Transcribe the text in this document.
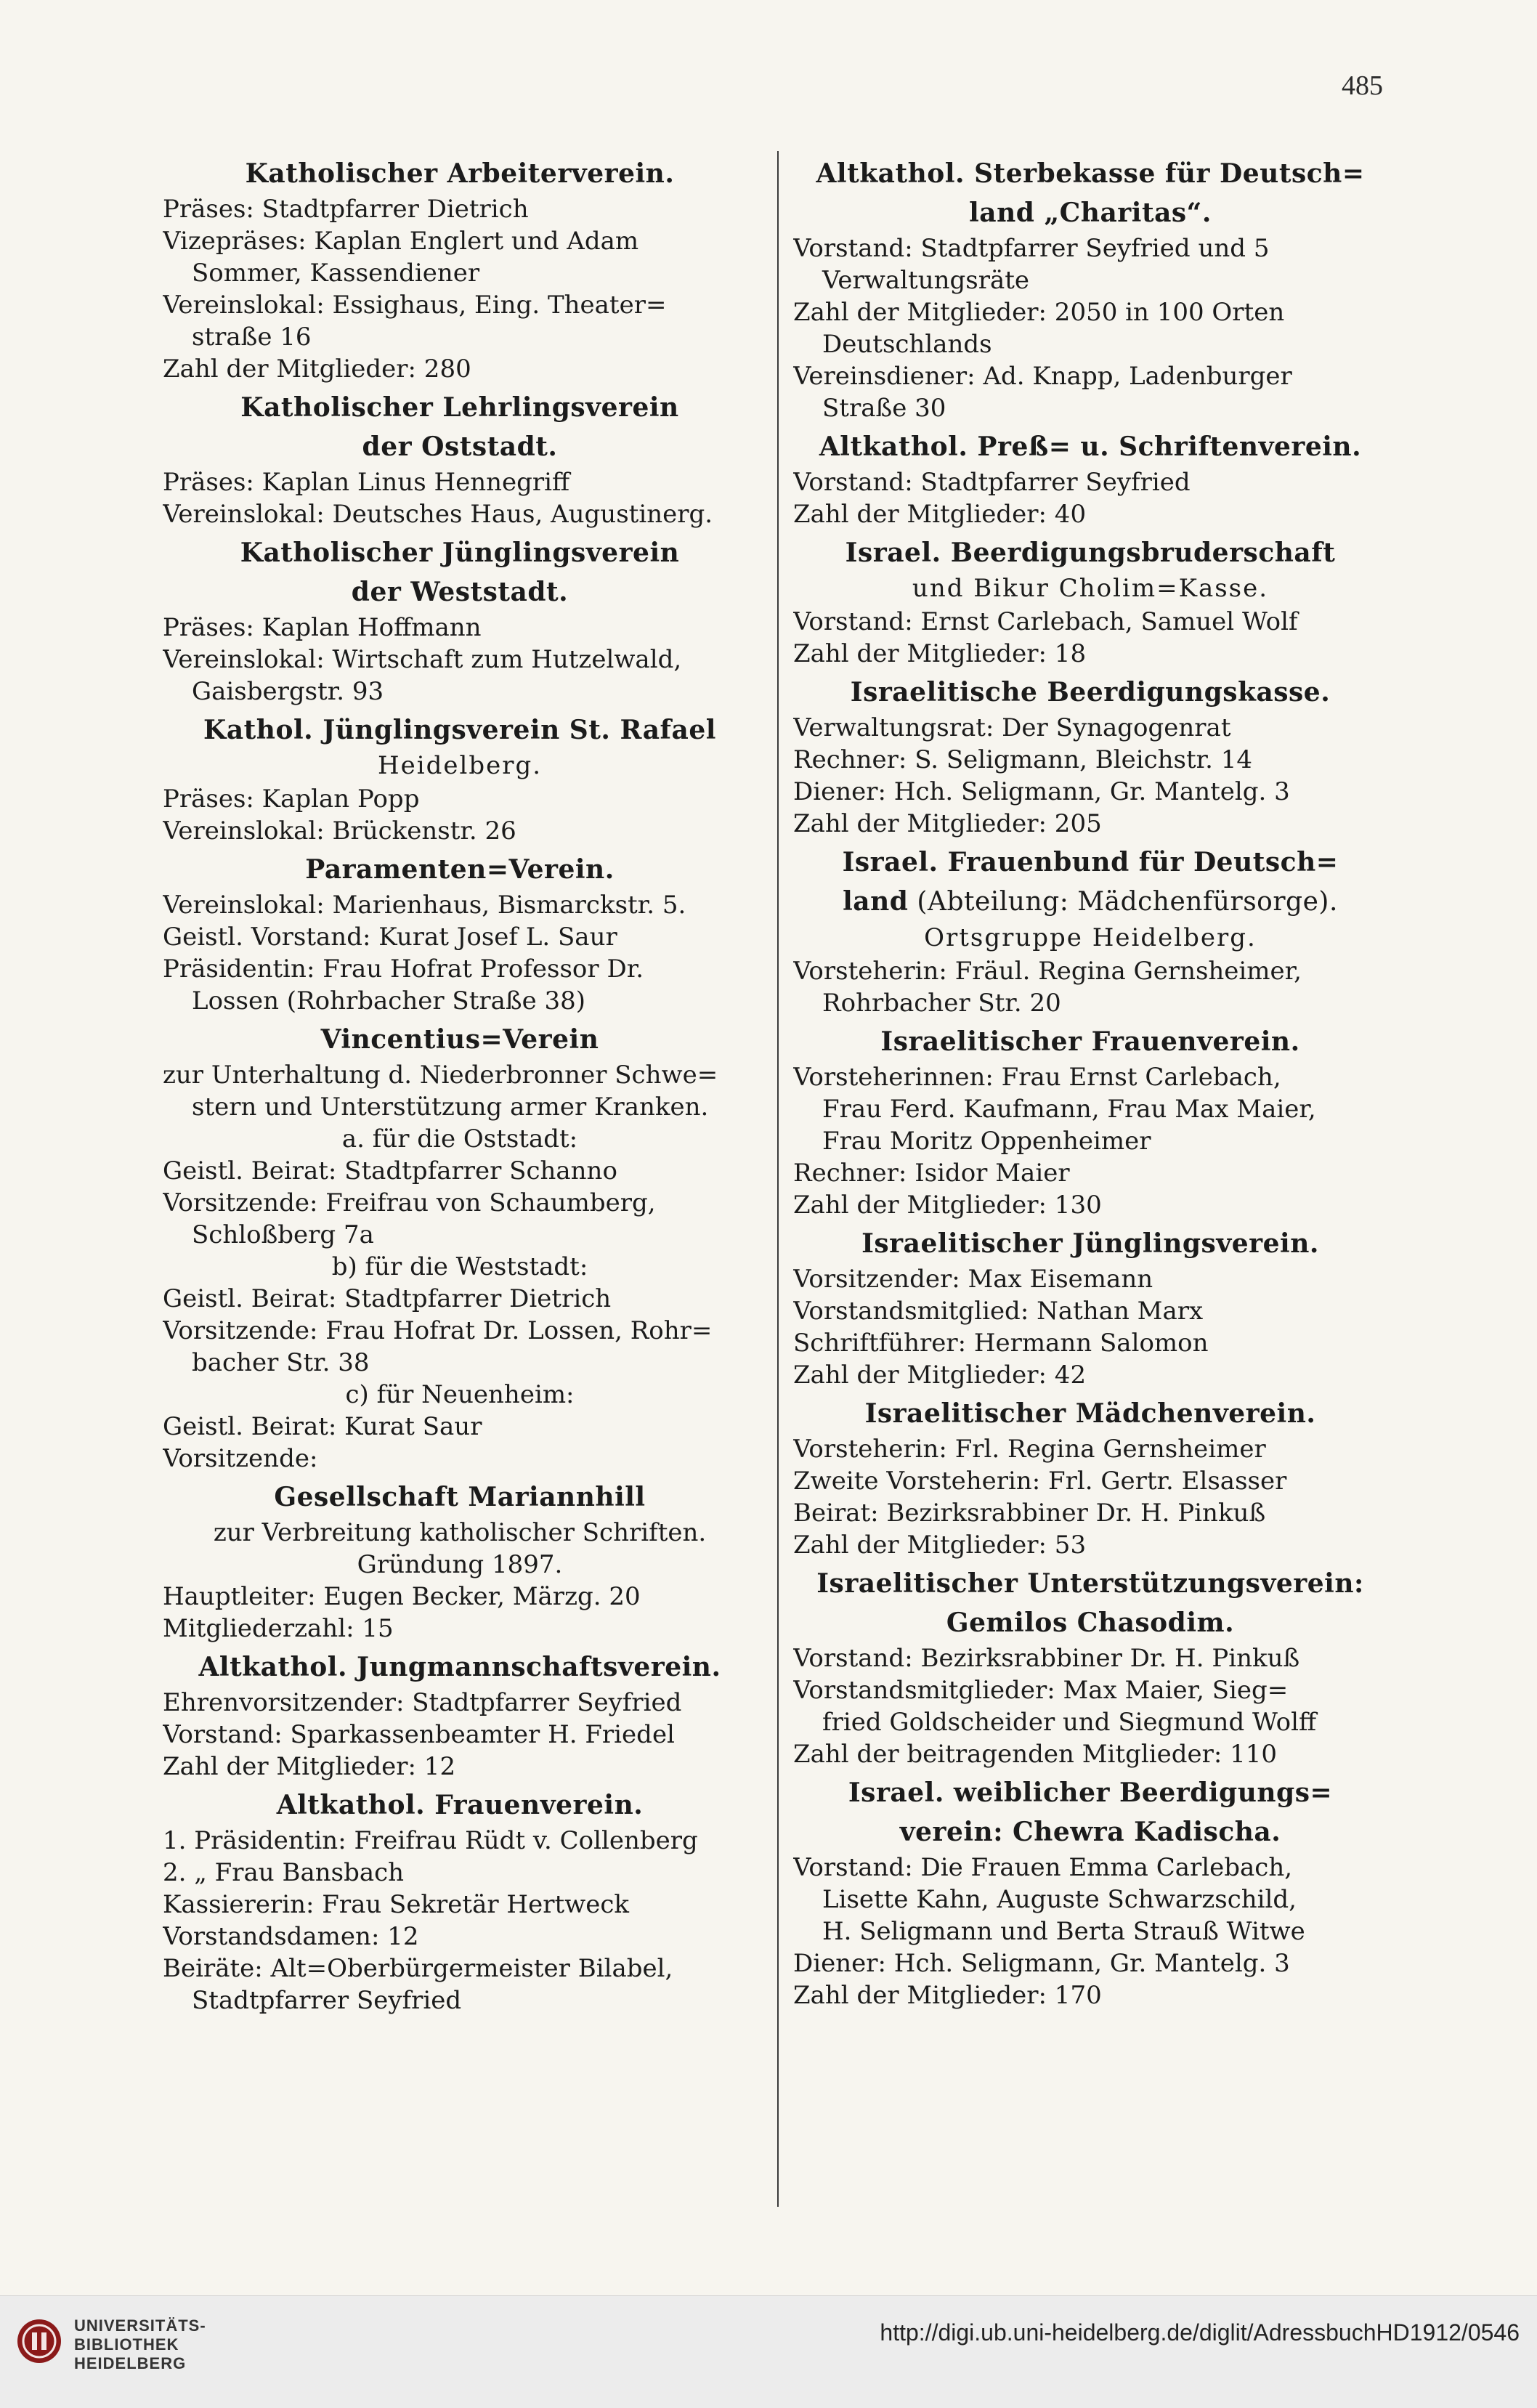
485
Katholischer Arbeiterverein.
Präses: Stadtpfarrer Dietrich
Vizepräses: Kaplan Englert und Adam
Sommer, Kassendiener
Vereinslokal: Essighaus, Eing. Theater=
straße 16
Zahl der Mitglieder: 280
Katholischer Lehrlingsverein
der Oststadt.
Präses: Kaplan Linus Hennegriff
Vereinslokal: Deutsches Haus, Augustinerg.
Katholischer Jünglingsverein
der Weststadt.
Präses: Kaplan Hoffmann
Vereinslokal: Wirtschaft zum Hutzelwald,
Gaisbergstr. 93
Kathol. Jünglingsverein St. Rafael
Heidelberg.
Präses: Kaplan Popp
Vereinslokal: Brückenstr. 26
Paramenten=Verein.
Vereinslokal: Marienhaus, Bismarckstr. 5.
Geistl. Vorstand: Kurat Josef L. Saur
Präsidentin: Frau Hofrat Professor Dr.
Lossen (Rohrbacher Straße 38)
Vincentius=Verein
zur Unterhaltung d. Niederbronner Schwe=
stern und Unterstützung armer Kranken.
a. für die Oststadt:
Geistl. Beirat: Stadtpfarrer Schanno
Vorsitzende: Freifrau von Schaumberg,
Schloßberg 7a
b) für die Weststadt:
Geistl. Beirat: Stadtpfarrer Dietrich
Vorsitzende: Frau Hofrat Dr. Lossen, Rohr=
bacher Str. 38
c) für Neuenheim:
Geistl. Beirat: Kurat Saur
Vorsitzende:
Gesellschaft Mariannhill
zur Verbreitung katholischer Schriften.
Gründung 1897.
Hauptleiter: Eugen Becker, Märzg. 20
Mitgliederzahl: 15
Altkathol. Jungmannschaftsverein.
Ehrenvorsitzender: Stadtpfarrer Seyfried
Vorstand: Sparkassenbeamter H. Friedel
Zahl der Mitglieder: 12
Altkathol. Frauenverein.
1. Präsidentin: Freifrau Rüdt v. Collenberg
2. „ Frau Bansbach
Kassiererin: Frau Sekretär Hertweck
Vorstandsdamen: 12
Beiräte: Alt=Oberbürgermeister Bilabel,
Stadtpfarrer Seyfried
Altkathol. Sterbekasse für Deutsch=
land „Charitas“.
Vorstand: Stadtpfarrer Seyfried und 5
Verwaltungsräte
Zahl der Mitglieder: 2050 in 100 Orten
Deutschlands
Vereinsdiener: Ad. Knapp, Ladenburger
Straße 30
Altkathol. Preß= u. Schriftenverein.
Vorstand: Stadtpfarrer Seyfried
Zahl der Mitglieder: 40
Israel. Beerdigungsbruderschaft
und Bikur Cholim=Kasse.
Vorstand: Ernst Carlebach, Samuel Wolf
Zahl der Mitglieder: 18
Israelitische Beerdigungskasse.
Verwaltungsrat: Der Synagogenrat
Rechner: S. Seligmann, Bleichstr. 14
Diener: Hch. Seligmann, Gr. Mantelg. 3
Zahl der Mitglieder: 205
Israel. Frauenbund für Deutsch=
land (Abteilung: Mädchenfürsorge).
Ortsgruppe Heidelberg.
Vorsteherin: Fräul. Regina Gernsheimer,
Rohrbacher Str. 20
Israelitischer Frauenverein.
Vorsteherinnen: Frau Ernst Carlebach,
Frau Ferd. Kaufmann, Frau Max Maier,
Frau Moritz Oppenheimer
Rechner: Isidor Maier
Zahl der Mitglieder: 130
Israelitischer Jünglingsverein.
Vorsitzender: Max Eisemann
Vorstandsmitglied: Nathan Marx
Schriftführer: Hermann Salomon
Zahl der Mitglieder: 42
Israelitischer Mädchenverein.
Vorsteherin: Frl. Regina Gernsheimer
Zweite Vorsteherin: Frl. Gertr. Elsasser
Beirat: Bezirksrabbiner Dr. H. Pinkuß
Zahl der Mitglieder: 53
Israelitischer Unterstützungsverein:
Gemilos Chasodim.
Vorstand: Bezirksrabbiner Dr. H. Pinkuß
Vorstandsmitglieder: Max Maier, Sieg=
fried Goldscheider und Siegmund Wolff
Zahl der beitragenden Mitglieder: 110
Israel. weiblicher Beerdigungs=
verein: Chewra Kadischa.
Vorstand: Die Frauen Emma Carlebach,
Lisette Kahn, Auguste Schwarzschild,
H. Seligmann und Berta Strauß Witwe
Diener: Hch. Seligmann, Gr. Mantelg. 3
Zahl der Mitglieder: 170
UNIVERSITÄTS-
BIBLIOTHEK
HEIDELBERG
http://digi.ub.uni-heidelberg.de/diglit/AdressbuchHD1912/0546
